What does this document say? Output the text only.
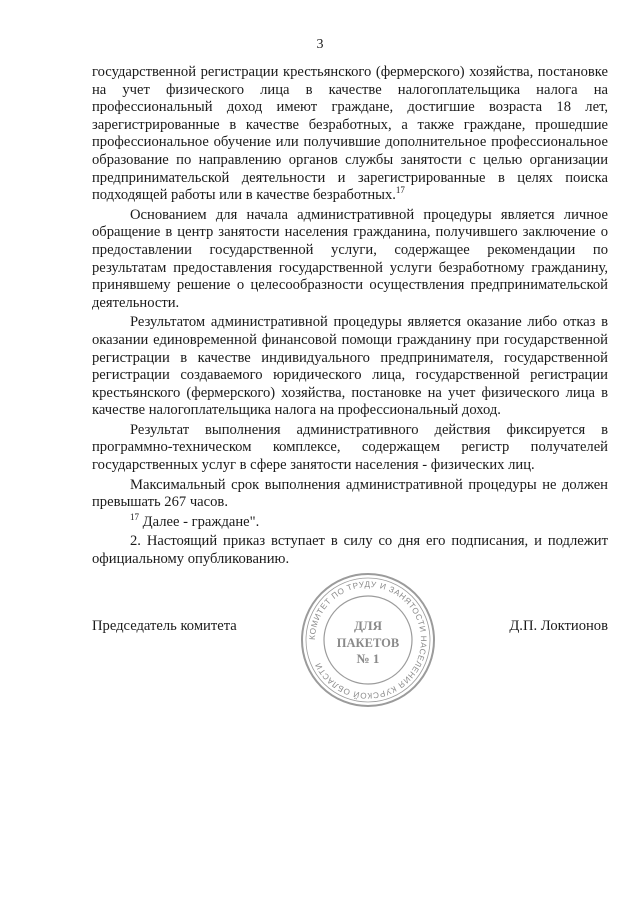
3

государственной регистрации крестьянского (фермерского) хозяйства, постановке на учет физического лица в качестве налогоплательщика налога на профессиональный доход имеют граждане, достигшие возраста 18 лет, зарегистрированные в качестве безработных, а также граждане, прошедшие профессиональное обучение или получившие дополнительное профессиональное образование по направлению органов службы занятости с целью организации предпринимательской деятельности и зарегистрированные в целях поиска подходящей работы или в качестве безработных.$^{17}$

Основанием для начала административной процедуры является личное обращение в центр занятости населения гражданина, получившего заключение о предоставлении государственной услуги, содержащее рекомендации по результатам предоставления государственной услуги безработному гражданину, принявшему решение о целесообразности осуществления предпринимательской деятельности.

Результатом административной процедуры является оказание либо отказ в оказании единовременной финансовой помощи гражданину при государственной регистрации в качестве индивидуального предпринимателя, государственной регистрации создаваемого юридического лица, государственной регистрации крестьянского (фермерского) хозяйства, постановке на учет физического лица в качестве налогоплательщика налога на профессиональный доход.

Результат выполнения административного действия фиксируется в программно-техническом комплексе, содержащем регистр получателей государственных услуг в сфере занятости населения - физических лиц.

Максимальный срок выполнения административной процедуры не должен превышать 267 часов.

$^{17}$ Далее - граждане".

2. Настоящий приказ вступает в силу со дня его подписания, и подлежит официальному опубликованию.

Председатель комитета	Д.П. Локтионов
КОМИТЕТ ПО ТРУДУ И ЗАНЯТОСТИ НАСЕЛЕНИЯ КУРСКОЙ ОБЛАСТИ
ДЛЯ
ПАКЕТОВ
№ 1
